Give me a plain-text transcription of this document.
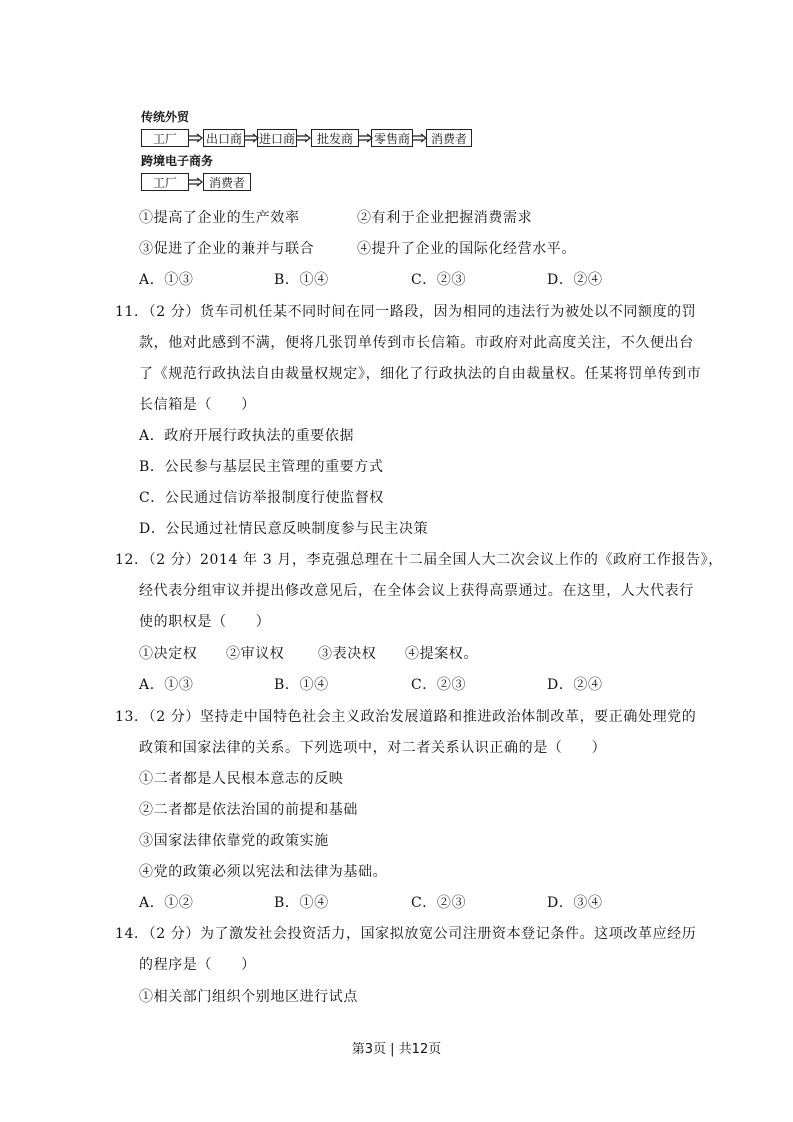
传统外贸
工厂	出口商 进口商	批发商	零售商	消费者
跨境电子商务
工厂	消费者
①提高了企业的生产效率	②有利于企业把握消费需求
③促进了企业的兼并与联合	④提升了企业的国际化经营水平。
A．①③	B．①④	C．②③	D．②④
11．（2 分）货车司机任某不同时间在同一路段，因为相同的违法行为被处以不同额度的罚
款，他对此感到不满，便将几张罚单传到市长信箱。市政府对此高度关注，不久便出台
了《规范行政执法自由裁量权规定》，细化了行政执法的自由裁量权。任某将罚单传到市
长信箱是（　　）
A．政府开展行政执法的重要依据
B．公民参与基层民主管理的重要方式
C．公民通过信访举报制度行使监督权
D．公民通过社情民意反映制度参与民主决策
12．（2 分）2014 年 3 月，李克强总理在十二届全国人大二次会议上作的《政府工作报告》，
经代表分组审议并提出修改意见后，在全体会议上获得高票通过。在这里，人大代表行
使的职权是（　　）
①决定权 ②审议权 ③表决权 ④提案权。
A．①③	B．①④	C．②③	D．②④
13．（2 分）坚持走中国特色社会主义政治发展道路和推进政治体制改革，要正确处理党的
政策和国家法律的关系。下列选项中，对二者关系认识正确的是（　　）
①二者都是人民根本意志的反映
②二者都是依法治国的前提和基础
③国家法律依靠党的政策实施
④党的政策必须以宪法和法律为基础。
A．①②	B．①④	C．②③	D．③④
14．（2 分）为了激发社会投资活力，国家拟放宽公司注册资本登记条件。这项改革应经历
的程序是（　　）
①相关部门组织个别地区进行试点
第3页 | 共12页
